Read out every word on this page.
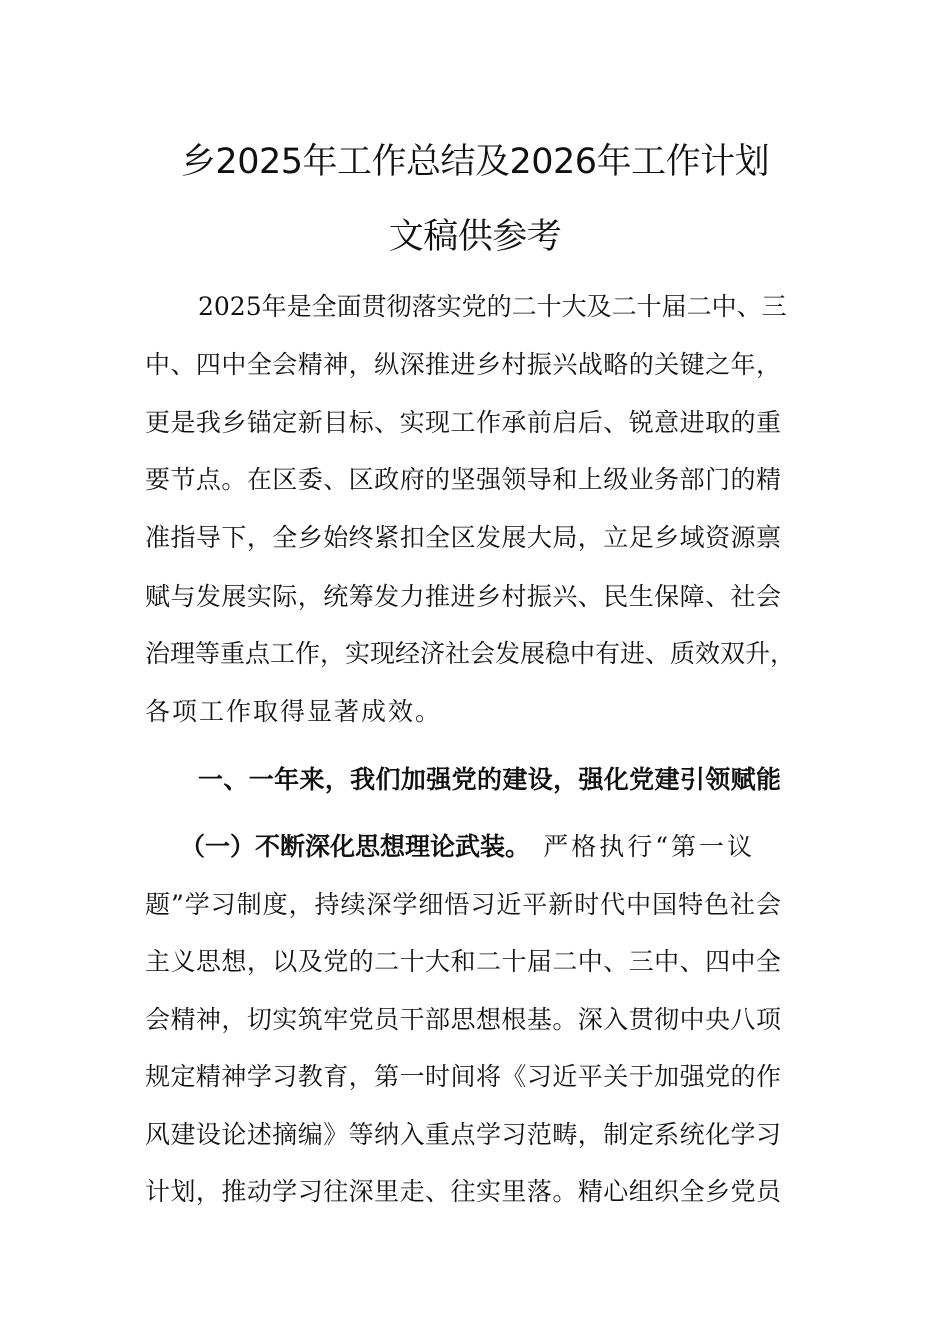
乡2025年工作总结及2026年工作计划
文稿供参考
2025年是全面贯彻落实党的二十大及二十届二中、三
中、四中全会精神，纵深推进乡村振兴战略的关键之年，
更是我乡锚定新目标、实现工作承前启后、锐意进取的重
要节点。在区委、区政府的坚强领导和上级业务部门的精
准指导下，全乡始终紧扣全区发展大局，立足乡域资源禀
赋与发展实际，统筹发力推进乡村振兴、民生保障、社会
治理等重点工作，实现经济社会发展稳中有进、质效双升，
各项工作取得显著成效。
一、一年来，我们加强党的建设，强化党建引领赋能
（一）不断深化思想理论武装。 严格执行“第一议
题”学习制度，持续深学细悟习近平新时代中国特色社会
主义思想，以及党的二十大和二十届二中、三中、四中全
会精神，切实筑牢党员干部思想根基。深入贯彻中央八项
规定精神学习教育，第一时间将《习近平关于加强党的作
风建设论述摘编》等纳入重点学习范畴，制定系统化学习
计划，推动学习往深里走、往实里落。精心组织全乡党员
